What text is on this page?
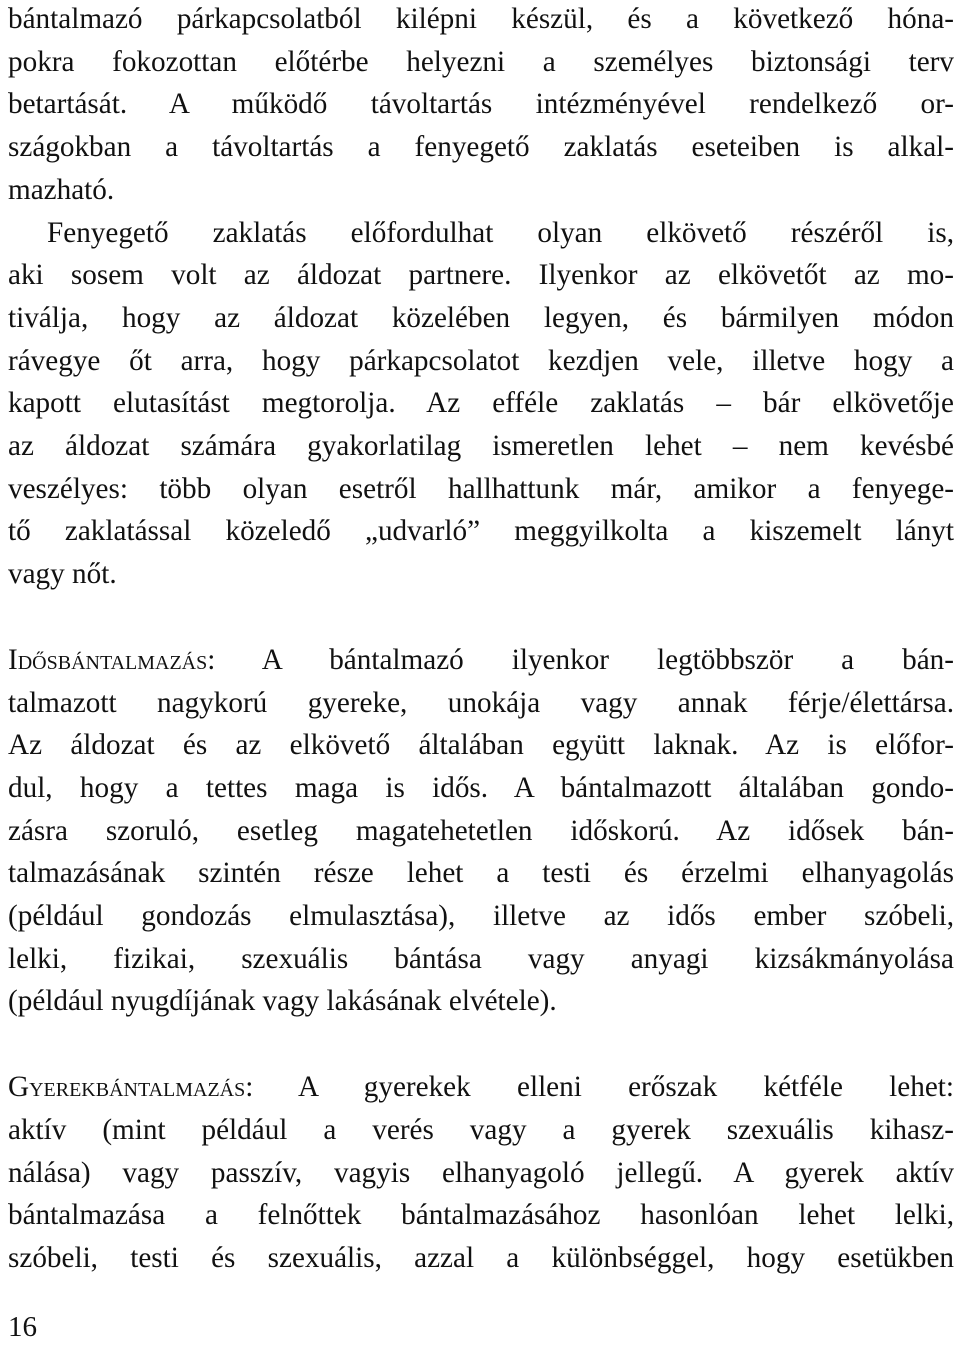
bántalmazó párkapcsolatból kilépni készül, és a következő hóna-
pokra fokozottan előtérbe helyezni a személyes biztonsági terv
betartását. A működő távoltartás intézményével rendelkező or-
szágokban a távoltartás a fenyegető zaklatás eseteiben is alkal-
mazható.

Fenyegető zaklatás előfordulhat olyan elkövető részéről is,
aki sosem volt az áldozat partnere. Ilyenkor az elkövetőt az mo-
tiválja, hogy az áldozat közelében legyen, és bármilyen módon
rávegye őt arra, hogy párkapcsolatot kezdjen vele, illetve hogy a
kapott elutasítást megtorolja. Az efféle zaklatás – bár elkövetője
az áldozat számára gyakorlatilag ismeretlen lehet – nem kevésbé
veszélyes: több olyan esetről hallhattunk már, amikor a fenyege-
tő zaklatással közeledő „udvarló” meggyilkolta a kiszemelt lányt
vagy nőt.

Idősbántalmazás: A bántalmazó ilyenkor legtöbbször a bán-
talmazott nagykorú gyereke, unokája vagy annak férje/élettársa.
Az áldozat és az elkövető általában együtt laknak. Az is előfor-
dul, hogy a tettes maga is idős. A bántalmazott általában gondo-
zásra szoruló, esetleg magatehetetlen időskorú. Az idősek bán-
talmazásának szintén része lehet a testi és érzelmi elhanyagolás
(például gondozás elmulasztása), illetve az idős ember szóbeli,
lelki, fizikai, szexuális bántása vagy anyagi kizsákmányolása
(például nyugdíjának vagy lakásának elvétele).

Gyerekbántalmazás: A gyerekek elleni erőszak kétféle lehet:
aktív (mint például a verés vagy a gyerek szexuális kihasz-
nálása) vagy passzív, vagyis elhanyagoló jellegű. A gyerek aktív
bántalmazása a felnőttek bántalmazásához hasonlóan lehet lelki,
szóbeli, testi és szexuális, azzal a különbséggel, hogy esetükben

16
